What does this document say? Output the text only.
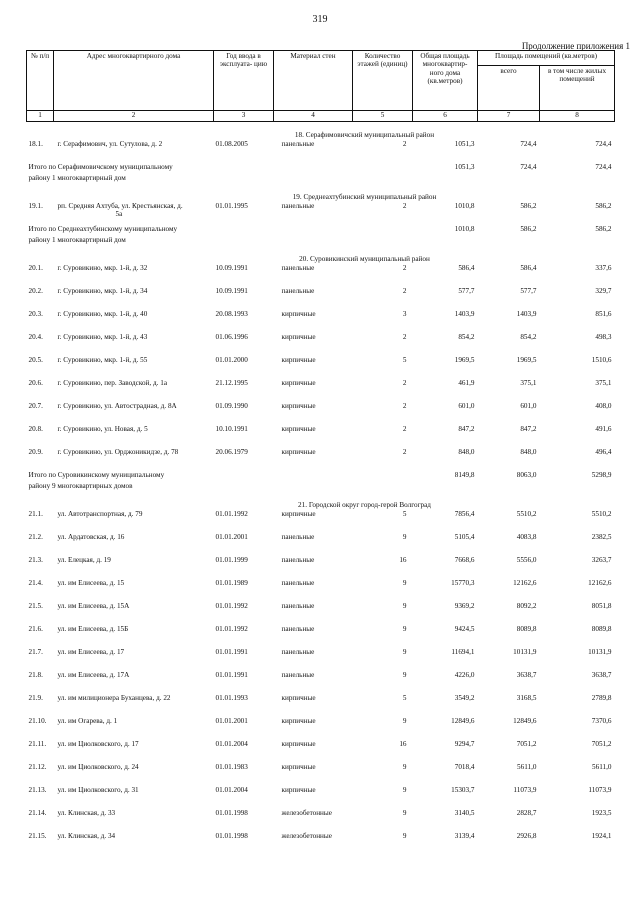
319
Продолжение приложения 1
№ п/п	Адрес многоквартирного дома	Год ввода в эксплуата- цию	Материал стен	Количество этажей (единиц)	Общая площадь многоквартир- ного дома (кв.метров)	Площадь помещений (кв.метров)	
						всего	в том числе жилых помещений
1	2	3	4	5	6	7	8
18. Серафимовичский муниципальный район							
18.1.	г. Серафимович, ул. Сутулова, д. 2	01.08.2005	панельные	2	1051,3	724,4	724,4
Итого по Серафимовичскому муниципальному					1051,3	724,4	724,4
району 1 многоквартирный дом							
19. Среднеахтубинский муниципальный район							
19.1.	рп. Средняя Ахтуба, ул. Крестьянская, д.
5а	01.01.1995	панельные	2	1010,8	586,2	586,2
Итого по Среднеахтубинскому муниципальному					1010,8	586,2	586,2
району 1 многоквартирный дом							
20. Суровикинский муниципальный район							
20.1.	г. Суровикино, мкр. 1-й, д. 32	10.09.1991	панельные	2	586,4	586,4	337,6
20.2.	г. Суровикино, мкр. 1-й, д. 34	10.09.1991	панельные	2	577,7	577,7	329,7
20.3.	г. Суровикино, мкр. 1-й, д. 40	20.08.1993	кирпичные	3	1403,9	1403,9	851,6
20.4.	г. Суровикино, мкр. 1-й, д. 43	01.06.1996	кирпичные	2	854,2	854,2	498,3
20.5.	г. Суровикино, мкр. 1-й, д. 55	01.01.2000	кирпичные	5	1969,5	1969,5	1510,6
20.6.	г. Суровикино, пер. Заводской, д. 1а	21.12.1995	кирпичные	2	461,9	375,1	375,1
20.7.	г. Суровикино, ул. Автострадная, д. 8А	01.09.1990	кирпичные	2	601,0	601,0	408,0
20.8.	г. Суровикино, ул. Новая, д. 5	10.10.1991	кирпичные	2	847,2	847,2	491,6
20.9.	г. Суровикино, ул. Орджоникидзе, д. 78	20.06.1979	кирпичные	2	848,0	848,0	496,4
Итого по Суровикинскому муниципальному					8149,8	8063,0	5298,9
району 9 многоквартирных домов							
21. Городской округ город-герой Волгоград							
21.1.	ул. Автотранспортная, д. 79	01.01.1992	кирпичные	5	7856,4	5510,2	5510,2
21.2.	ул. Ардатовская, д. 16	01.01.2001	панельные	9	5105,4	4083,8	2382,5
21.3.	ул. Елецкая, д. 19	01.01.1999	панельные	16	7668,6	5556,0	3263,7
21.4.	ул. им Елисеева, д. 15	01.01.1989	панельные	9	15770,3	12162,6	12162,6
21.5.	ул. им Елисеева, д. 15А	01.01.1992	панельные	9	9369,2	8092,2	8051,8
21.6.	ул. им Елисеева, д. 15Б	01.01.1992	панельные	9	9424,5	8089,8	8089,8
21.7.	ул. им Елисеева, д. 17	01.01.1991	панельные	9	11694,1	10131,9	10131,9
21.8.	ул. им Елисеева, д. 17А	01.01.1991	панельные	9	4226,0	3638,7	3638,7
21.9.	ул. им милиционера Буханцева, д. 22	01.01.1993	кирпичные	5	3549,2	3168,5	2789,8
21.10.	ул. им Огарева, д. 1	01.01.2001	кирпичные	9	12849,6	12849,6	7370,6
21.11.	ул. им Циолковского, д. 17	01.01.2004	кирпичные	16	9294,7	7051,2	7051,2
21.12.	ул. им Циолковского, д. 24	01.01.1983	кирпичные	9	7018,4	5611,0	5611,0
21.13.	ул. им Циолковского, д. 31	01.01.2004	кирпичные	9	15303,7	11073,9	11073,9
21.14.	ул. Клинская, д. 33	01.01.1998	железобетонные	9	3140,5	2828,7	1923,5
21.15.	ул. Клинская, д. 34	01.01.1998	железобетонные	9	3139,4	2926,8	1924,1
